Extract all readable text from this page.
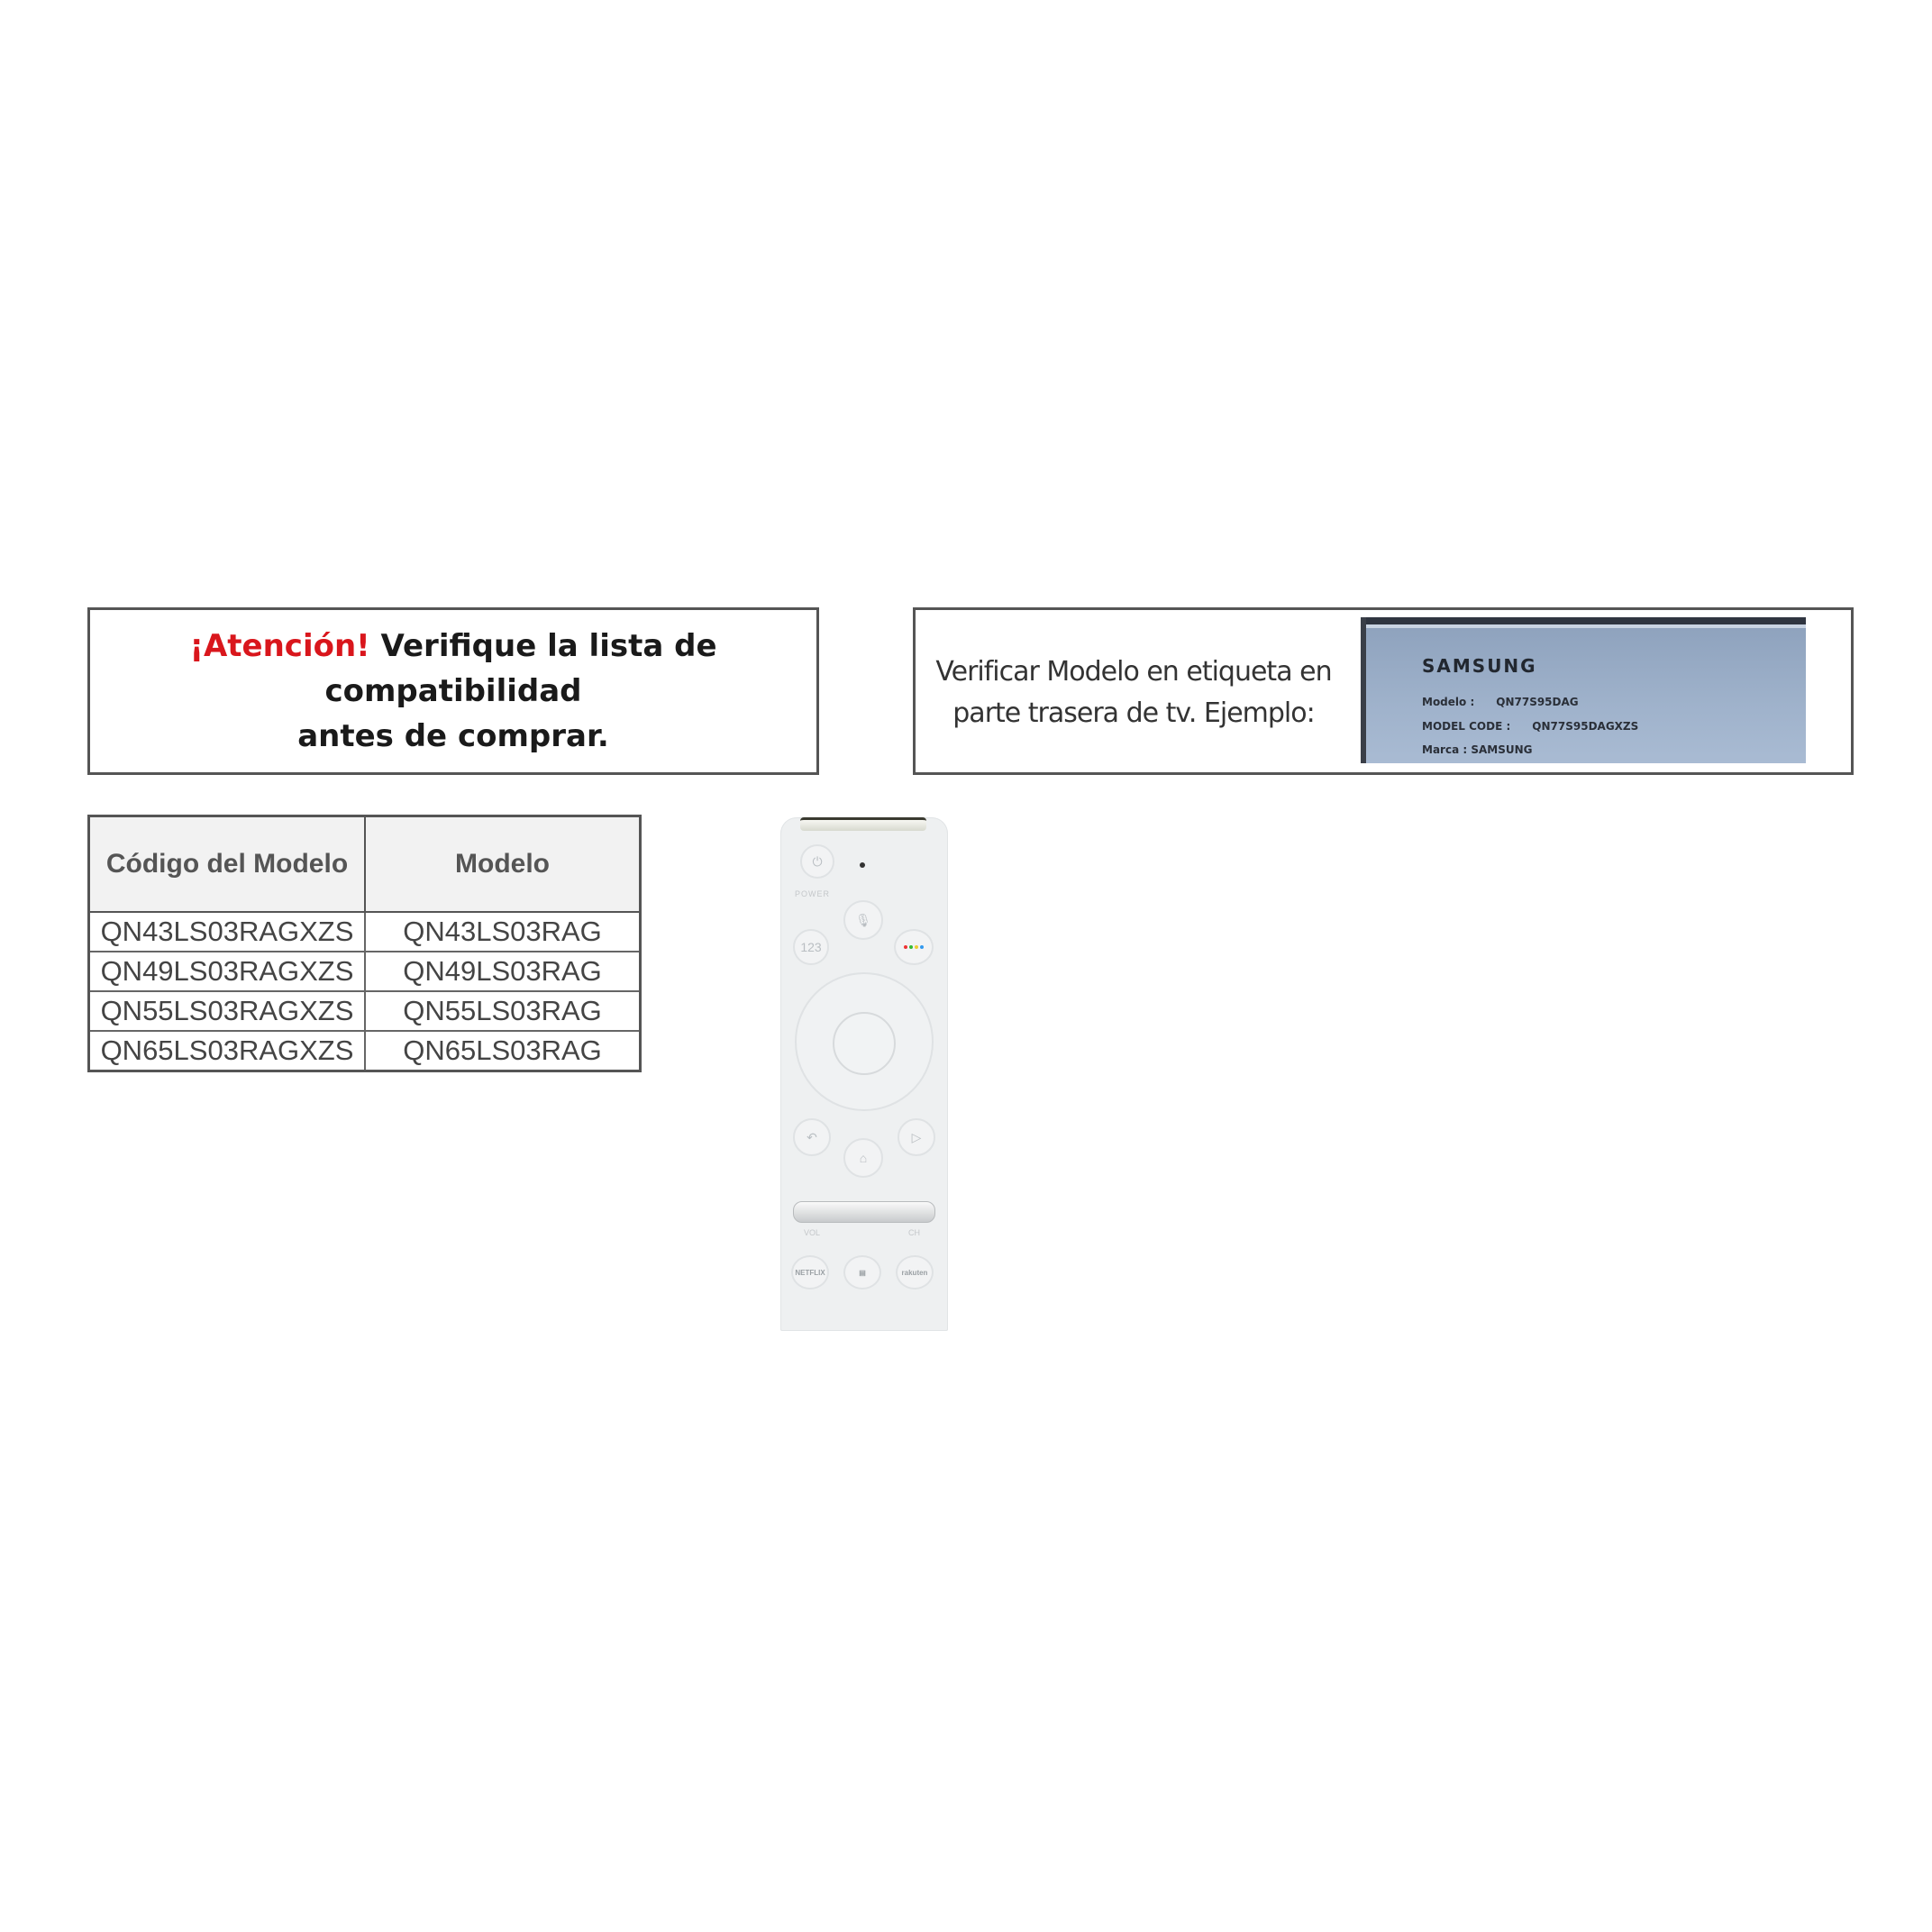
¡Atención! Verifique la lista de compatibilidad
antes de comprar.
Verificar Modelo en etiqueta en
parte trasera de tv. Ejemplo:
SAMSUNG
Modelo : QN77S95DAG
MODEL CODE : QN77S95DAGXZS
Marca : SAMSUNG
Código del Modelo	Modelo
QN43LS03RAGXZS	QN43LS03RAG
QN49LS03RAGXZS	QN49LS03RAG
QN55LS03RAGXZS	QN55LS03RAG
QN65LS03RAGXZS	QN65LS03RAG
⏻
POWER
🎙
123
↶	▷
⌂
VOL	CH
NETFLIX	▤	rakuten
